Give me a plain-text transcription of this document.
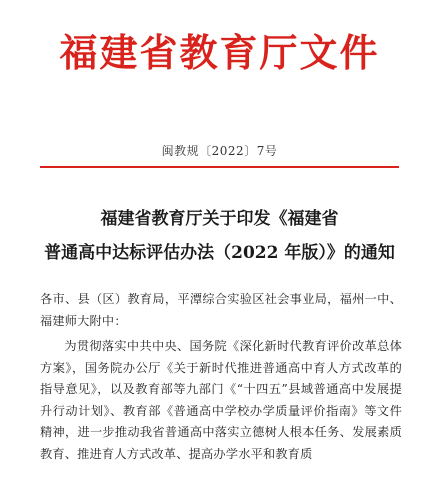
福建省教育厅文件
闽教规〔2022〕7号
福建省教育厅关于印发《福建省
普通高中达标评估办法（2022 年版）》的通知

各市、县（区）教育局，平潭综合实验区社会事业局，福州一中、福建师大附中：

为贯彻落实中共中央、国务院《深化新时代教育评价改革总体方案》，国务院办公厅《关于新时代推进普通高中育人方式改革的指导意见》，以及教育部等九部门《“十四五”县域普通高中发展提升行动计划》、教育部《普通高中学校办学质量评价指南》等文件精神，进一步推动我省普通高中落实立德树人根本任务、发展素质教育、推进育人方式改革、提高办学水平和教育质
